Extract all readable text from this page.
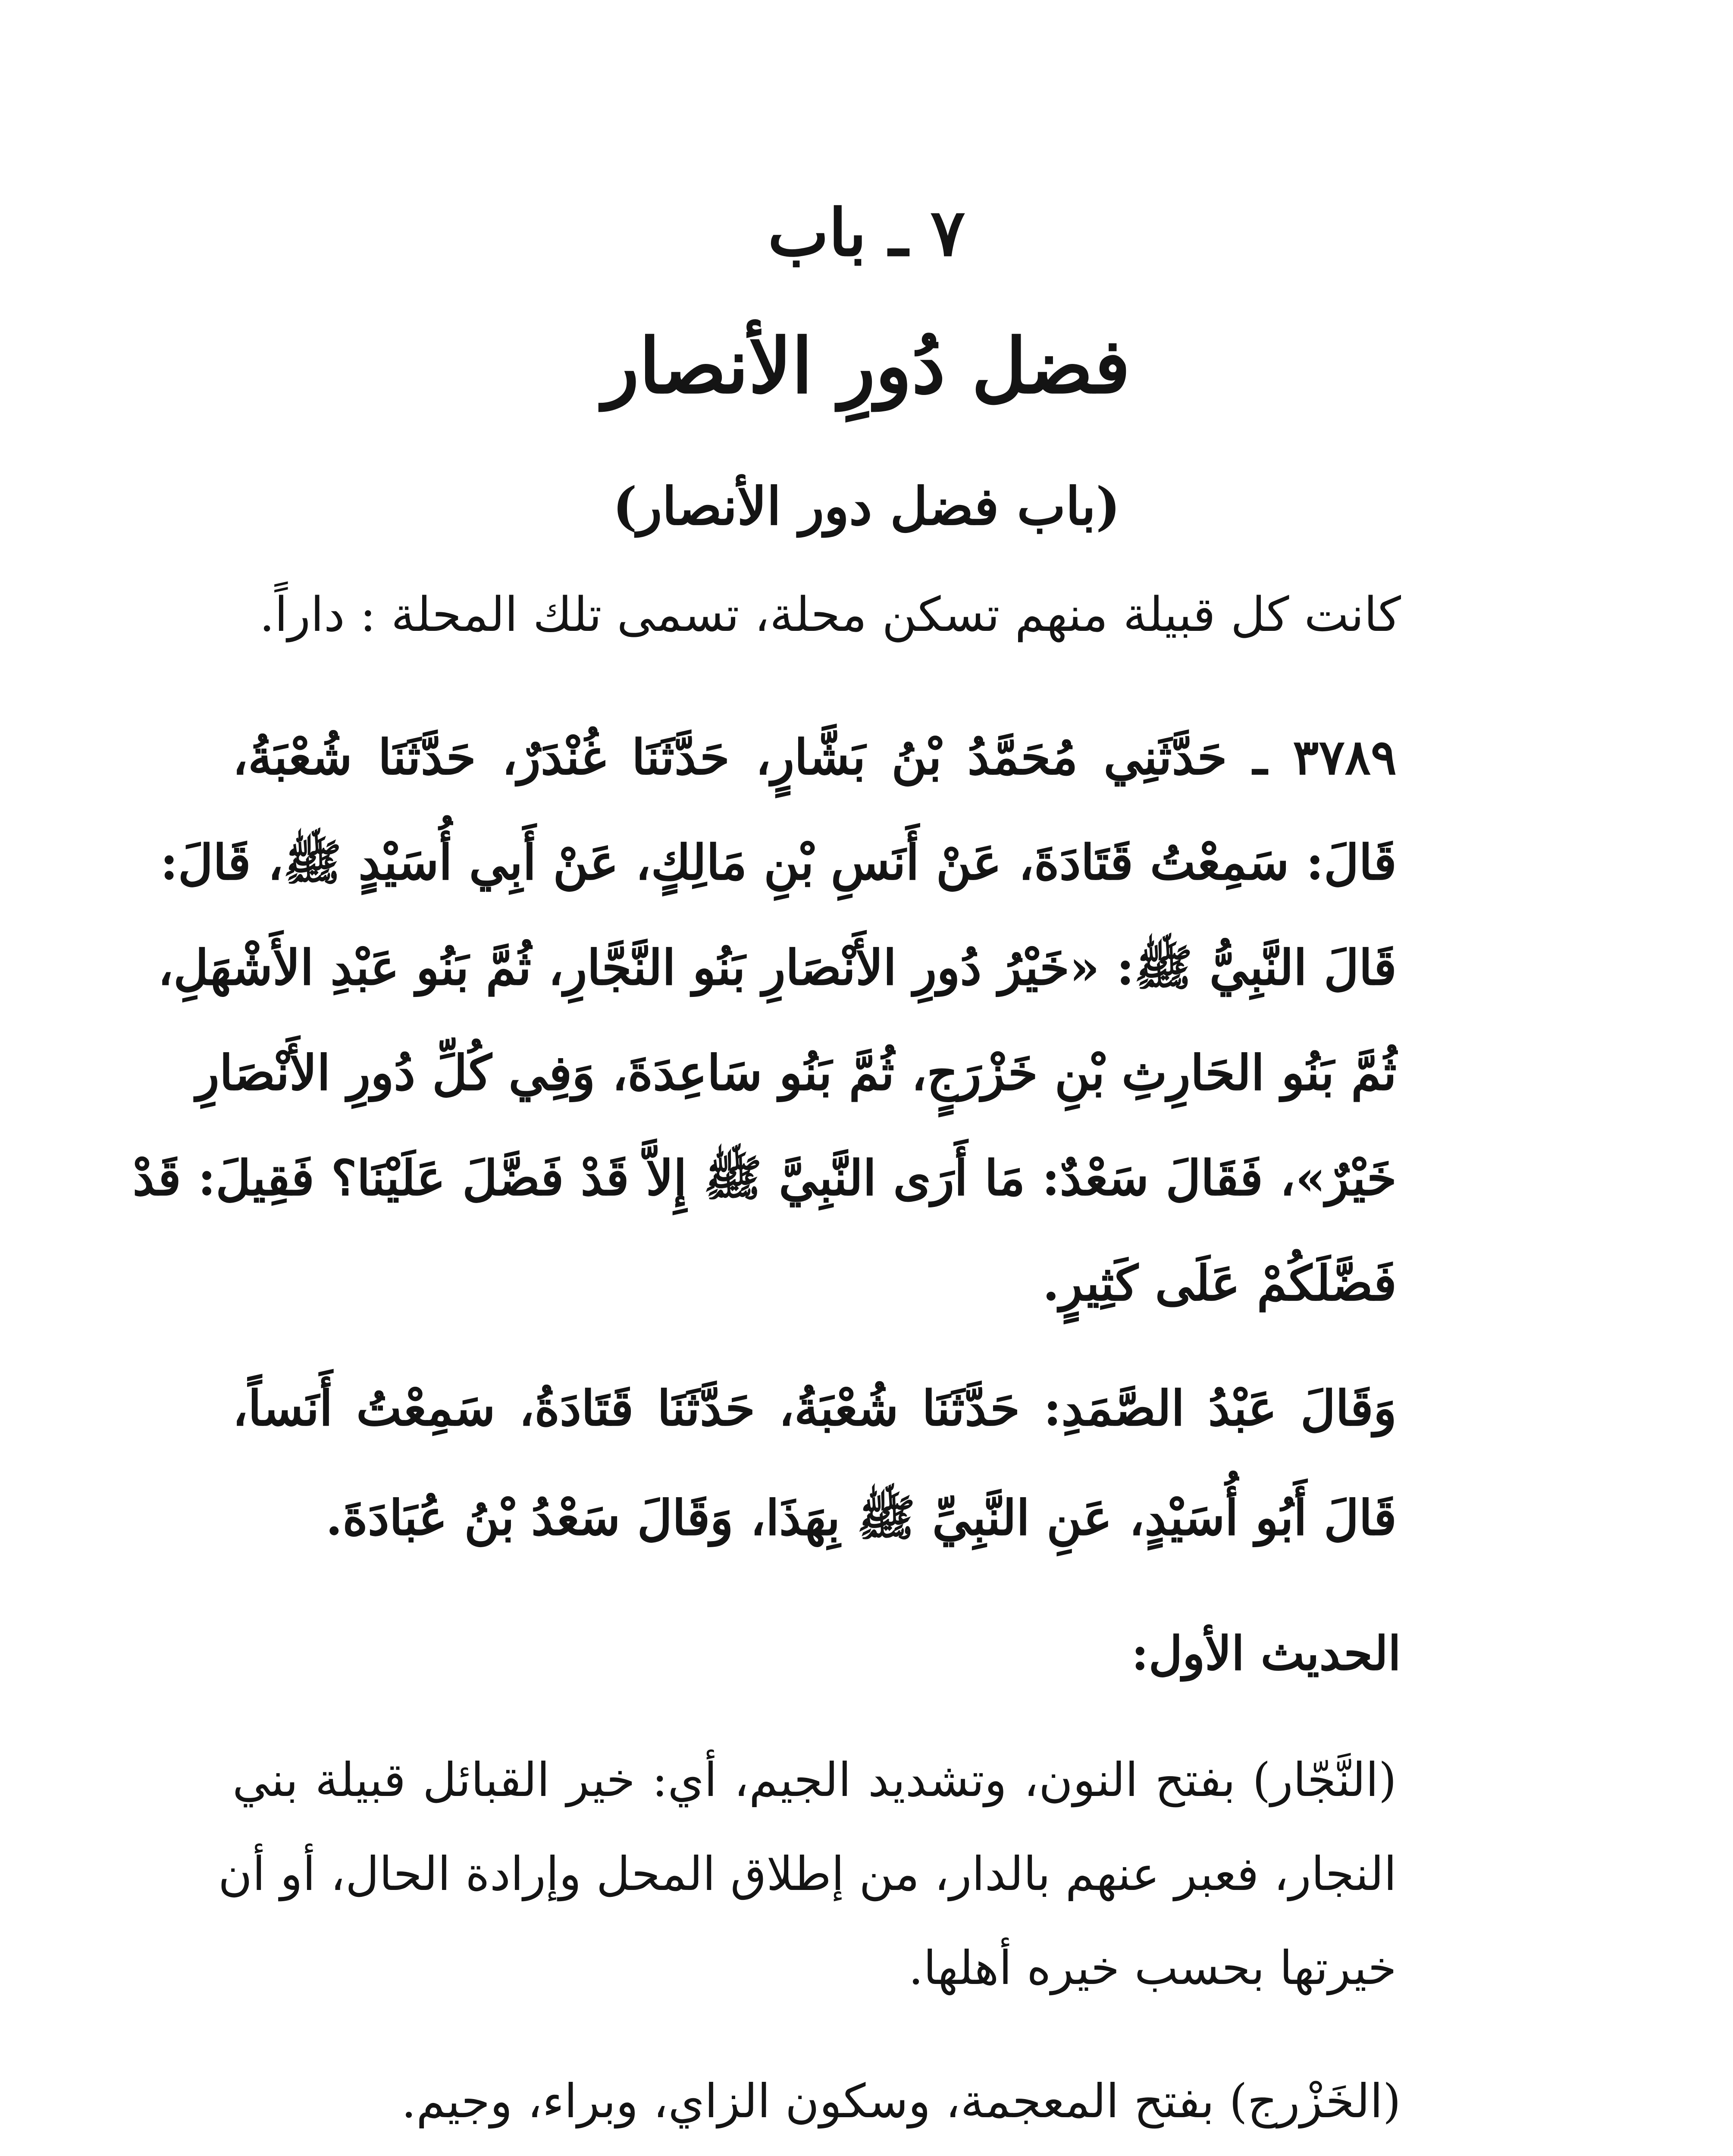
٧ ـ باب
فضل دُورِ الأنصار
(باب فضل دور الأنصار)
كانت كل قبيلة منهم تسكن محلة، تسمى تلك المحلة : داراً.
٣٧٨٩ ـ حَدَّثَنِي مُحَمَّدُ بْنُ بَشَّارٍ، حَدَّثَنَا غُنْدَرٌ، حَدَّثَنَا شُعْبَةُ،
قَالَ: سَمِعْتُ قَتَادَةَ، عَنْ أَنَسِ بْنِ مَالِكٍ، عَنْ أَبِي أُسَيْدٍ ﷺ، قَالَ:
قَالَ النَّبِيُّ ﷺ: «خَيْرُ دُورِ الأَنْصَارِ بَنُو النَّجَّارِ، ثُمَّ بَنُو عَبْدِ الأَشْهَلِ،
ثُمَّ بَنُو الحَارِثِ بْنِ خَزْرَجٍ، ثُمَّ بَنُو سَاعِدَةَ، وَفِي كُلِّ دُورِ الأَنْصَارِ
خَيْرٌ»، فَقَالَ سَعْدٌ: مَا أَرَى النَّبِيَّ ﷺ إِلاَّ قَدْ فَضَّلَ عَلَيْنَا؟ فَقِيلَ: قَدْ
فَضَّلَكُمْ عَلَى كَثِيرٍ.
وَقَالَ عَبْدُ الصَّمَدِ: حَدَّثَنَا شُعْبَةُ، حَدَّثَنَا قَتَادَةُ، سَمِعْتُ أَنَساً،
قَالَ أَبُو أُسَيْدٍ، عَنِ النَّبِيِّ ﷺ بِهَذَا، وَقَالَ سَعْدُ بْنُ عُبَادَةَ.
الحديث الأول:
(النَّجّار) بفتح النون، وتشديد الجيم، أي: خير القبائل قبيلة بني
النجار، فعبر عنهم بالدار، من إطلاق المحل وإرادة الحال، أو أن
خيرتها بحسب خيره أهلها.
(الخَزْرج) بفتح المعجمة، وسكون الزاي، وبراء، وجيم.
